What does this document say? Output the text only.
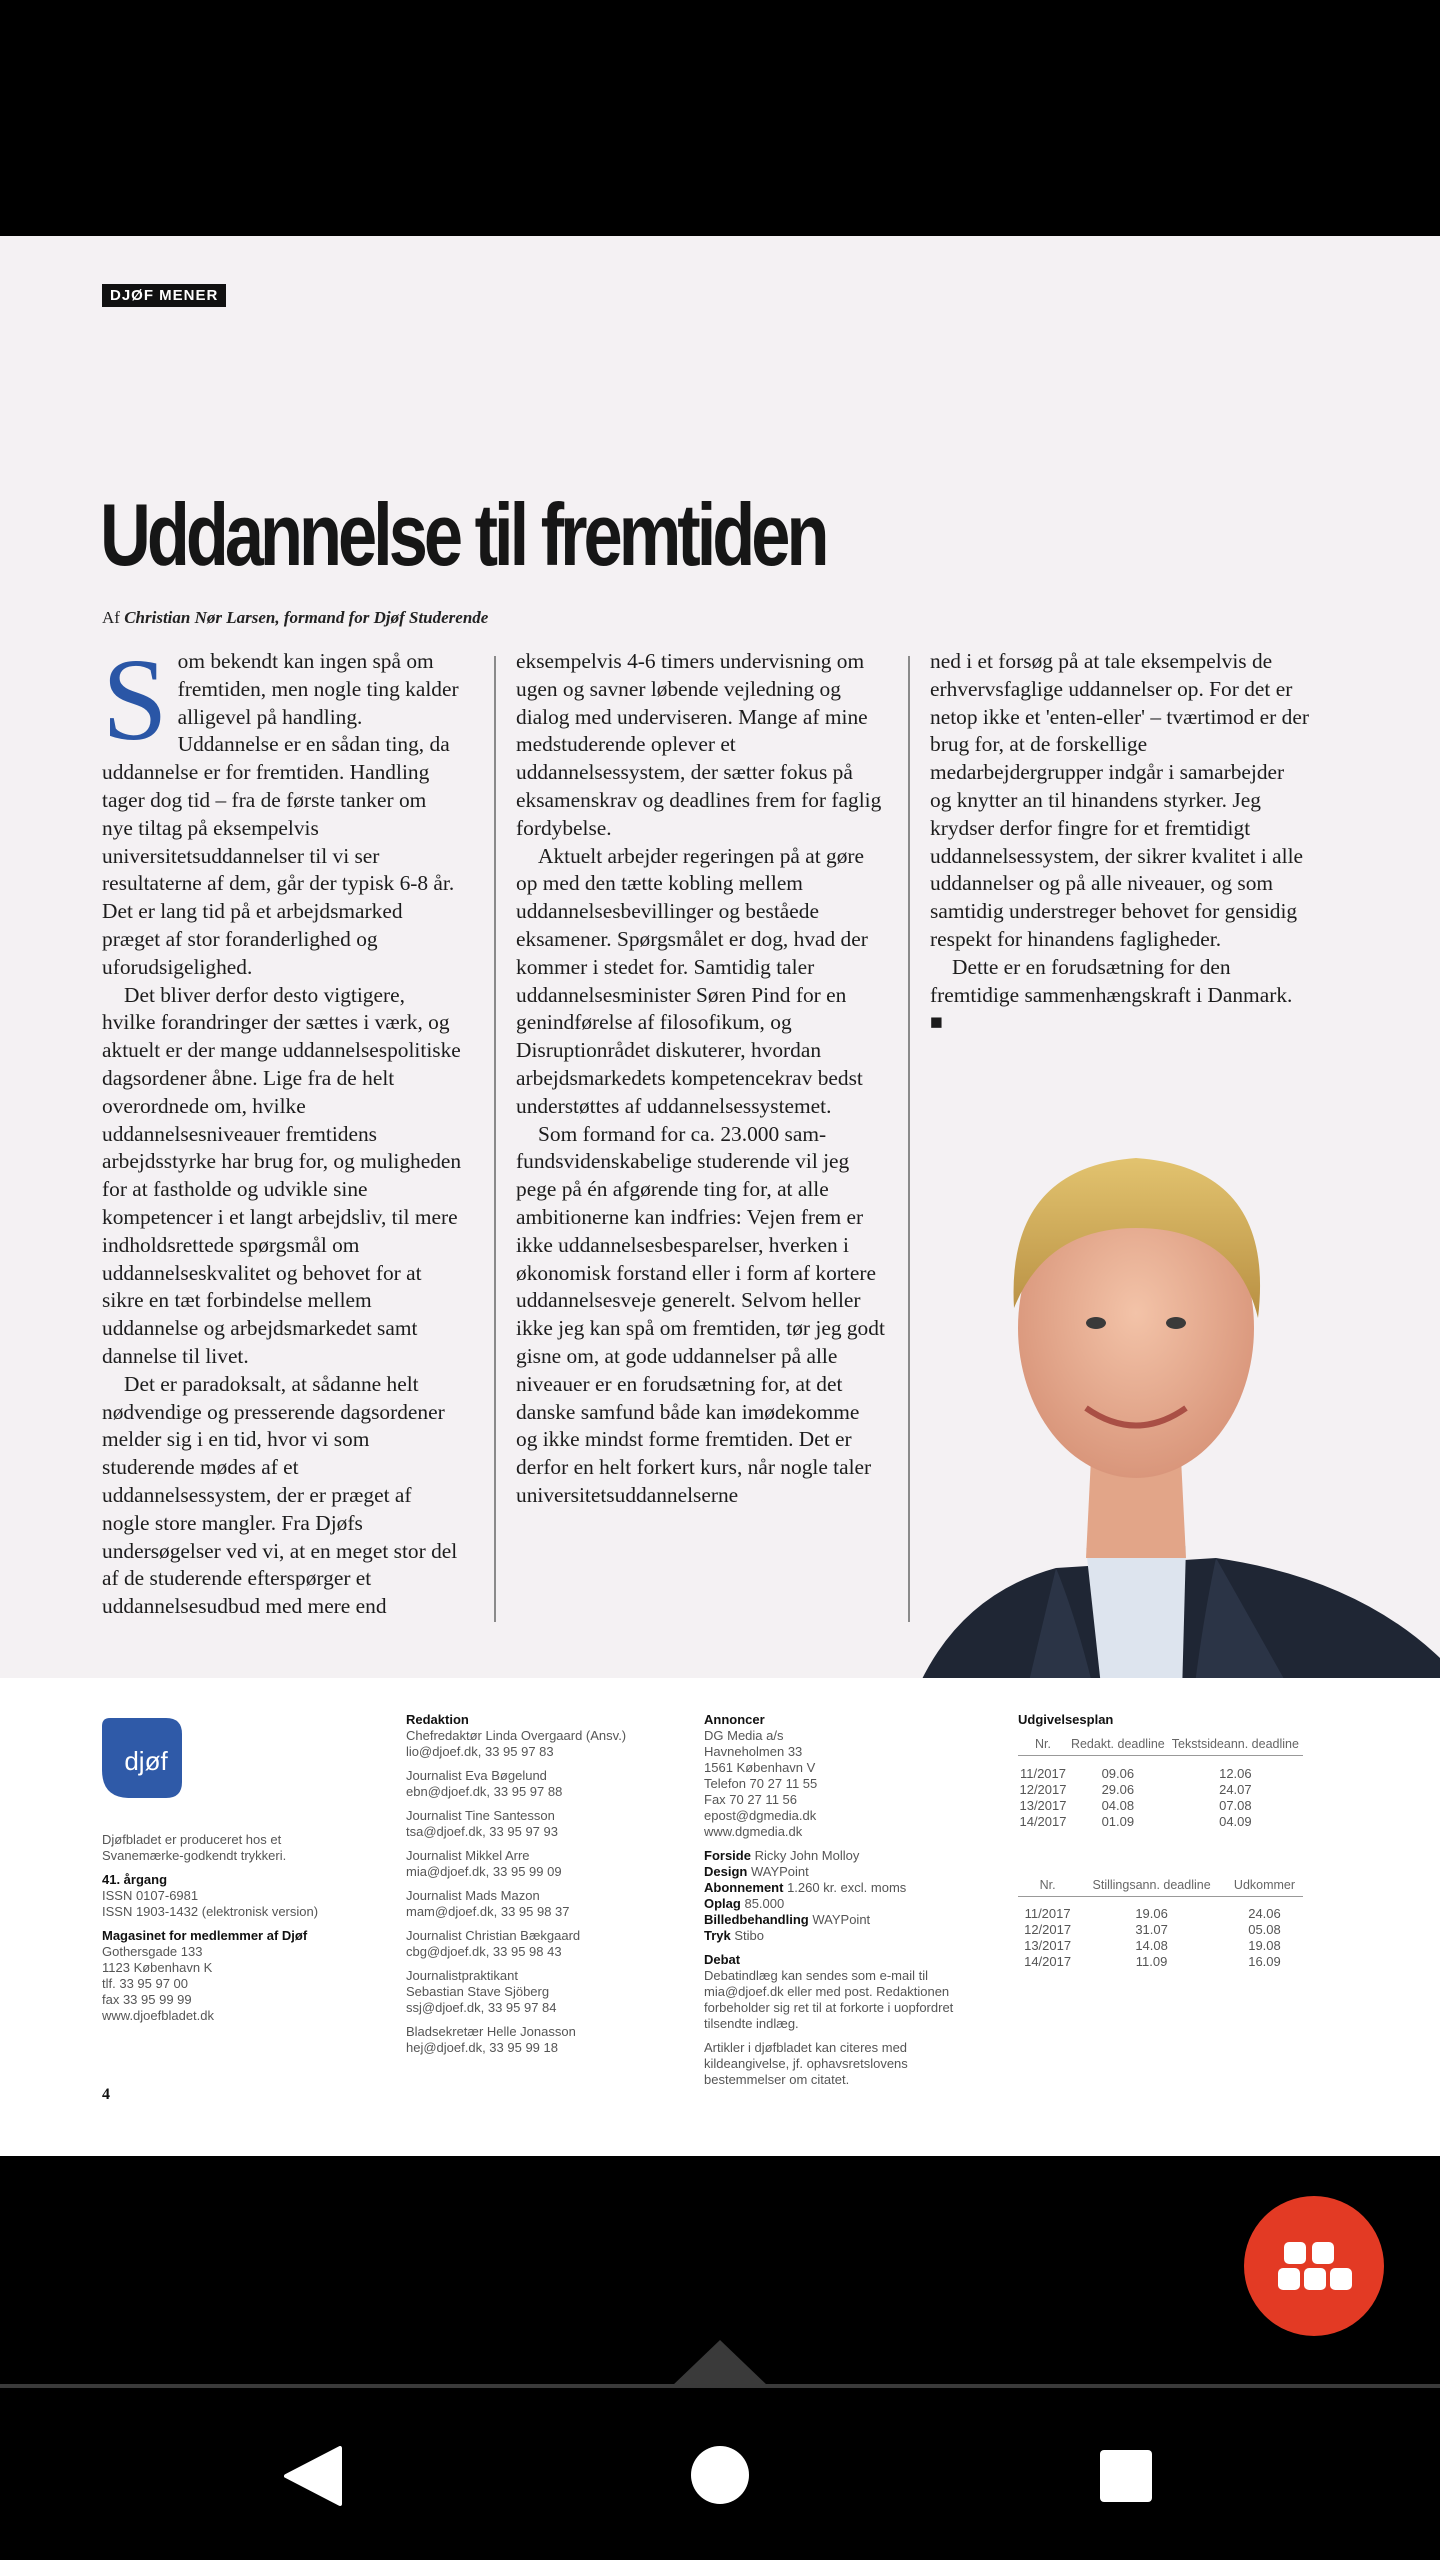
DJØF MENER
Uddannelse til fremtiden
Af Christian Nør Larsen, formand for Djøf Studerende

Som bekendt kan ingen spå om fremtiden, men nogle ting kalder alligevel på handling. Uddannelse er en sådan ting, da uddannelse er for fremtiden. Handling tager dog tid – fra de første tanker om nye tiltag på eksempelvis universitetsuddannelser til vi ser resultaterne af dem, går der typisk 6-8 år. Det er lang tid på et arbejdsmarked præget af stor foranderlighed og uforudsigelighed.

Det bliver derfor desto vigtigere, hvilke forandringer der sættes i værk, og aktuelt er der mange uddannelsespolitiske dagsordener åbne. Lige fra de helt overordnede om, hvilke uddannelsesniveauer fremtidens arbejdsstyrke har brug for, og muligheden for at fastholde og udvikle sine kompetencer i et langt arbejdsliv, til mere indholdsrettede spørgsmål om uddannelseskvalitet og behovet for at sikre en tæt forbindelse mellem uddannelse og arbejdsmarkedet samt dannelse til livet.

Det er paradoksalt, at sådanne helt nødvendige og presserende dagsordener melder sig i en tid, hvor vi som studerende mødes af et uddannelsessystem, der er præget af nogle store mangler. Fra Djøfs undersøgelser ved vi, at en meget stor del af de studerende efterspørger et uddannelsesudbud med mere end

eksempelvis 4-6 timers undervisning om ugen og savner løbende vejledning og dialog med underviseren. Mange af mine medstuderende oplever et uddannelsessystem, der sætter fokus på eksamenskrav og deadlines frem for faglig fordybelse.

Aktuelt arbejder regeringen på at gøre op med den tætte kobling mellem uddannelsesbevillinger og beståede eksamener. Spørgsmålet er dog, hvad der kommer i stedet for. Samtidig taler uddannelsesminister Søren Pind for en genindførelse af filosofikum, og Disruptionrådet diskuterer, hvordan arbejdsmarkedets kompetencekrav bedst understøttes af uddannelsessystemet.

Som formand for ca. 23.000 samfundsvidenskabelige studerende vil jeg pege på én afgørende ting for, at alle ambitionerne kan indfries: Vejen frem er ikke uddannelsesbesparelser, hverken i økonomisk forstand eller i form af kortere uddannelsesveje generelt. Selvom heller ikke jeg kan spå om fremtiden, tør jeg godt gisne om, at gode uddannelser på alle niveauer er en forudsætning for, at det danske samfund både kan imødekomme og ikke mindst forme fremtiden. Det er derfor en helt forkert kurs, når nogle taler universitetsuddannelserne

ned i et forsøg på at tale eksempelvis de erhvervsfaglige uddannelser op. For det er netop ikke et 'enten-eller' – tværtimod er der brug for, at de forskellige medarbejdergrupper indgår i samarbejder og knytter an til hinandens styrker. Jeg krydser derfor fingre for et fremtidigt uddannelsessystem, der sikrer kvalitet i alle uddannelser og på alle niveauer, og som samtidig understreger behovet for gensidig respekt for hinandens fagligheder.

Dette er en forudsætning for den fremtidige sammenhængskraft i Danmark. ■

djøf
Djøfbladet er produceret hos et Svanemærke-godkendt trykkeri.
41. årgang
ISSN 0107-6981
ISSN 1903-1432 (elektronisk version)
Magasinet for medlemmer af Djøf
Gothersgade 133
1123 København K
tlf. 33 95 97 00
fax 33 95 99 99
www.djoefbladet.dk
4
Redaktion
Chefredaktør Linda Overgaard (Ansv.)
lio@djoef.dk, 33 95 97 83
Journalist Eva Bøgelund
ebn@djoef.dk, 33 95 97 88
Journalist Tine Santesson
tsa@djoef.dk, 33 95 97 93
Journalist Mikkel Arre
mia@djoef.dk, 33 95 99 09
Journalist Mads Mazon
mam@djoef.dk, 33 95 98 37
Journalist Christian Bækgaard
cbg@djoef.dk, 33 95 98 43
Journalistpraktikant
Sebastian Stave Sjöberg
ssj@djoef.dk, 33 95 97 84
Bladsekretær Helle Jonasson
hej@djoef.dk, 33 95 99 18
Annoncer
DG Media a/s
Havneholmen 33
1561 København V
Telefon 70 27 11 55
Fax 70 27 11 56
epost@dgmedia.dk
www.dgmedia.dk
Forside Ricky John Molloy
Design WAYPoint
Abonnement 1.260 kr. excl. moms
Oplag 85.000
Billedbehandling WAYPoint
Tryk Stibo
Debat
Debatindlæg kan sendes som e-mail til mia@djoef.dk eller med post. Redaktionen forbeholder sig ret til at forkorte i uopfordret tilsendte indlæg.
Artikler i djøfbladet kan citeres med kildeangivelse, jf. ophavsretslovens bestemmelser om citatet.
Udgivelsesplan
Nr.	Redakt. deadline	Tekstsideann. deadline

11/2017	09.06	12.06
12/2017	29.06	24.07
13/2017	04.08	07.08
14/2017	01.09	04.09
Nr.	Stillingsann. deadline	Udkommer

11/2017	19.06	24.06
12/2017	31.07	05.08
13/2017	14.08	19.08
14/2017	11.09	16.09
